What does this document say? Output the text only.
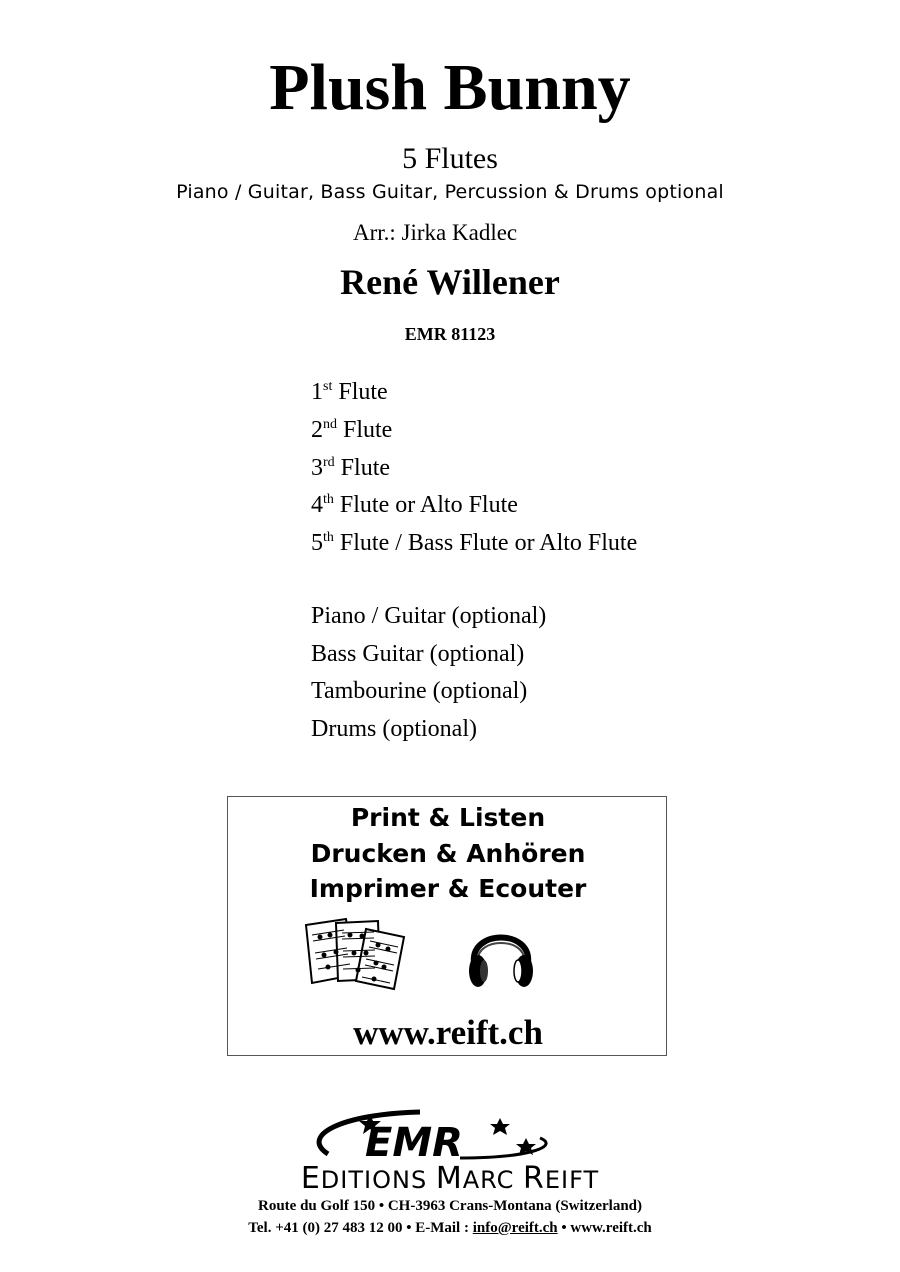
Plush Bunny
5 Flutes
Piano / Guitar, Bass Guitar, Percussion & Drums optional
Arr.: Jirka Kadlec
René Willener
EMR 81123
1st Flute
2nd Flute
3rd Flute
4th Flute or Alto Flute
5th Flute / Bass Flute or Alto Flute
Piano / Guitar (optional)
Bass Guitar (optional)
Tambourine (optional)
Drums (optional)
Print & Listen
Drucken & Anhören
Imprimer & Ecouter
www.reift.ch
EMR
EDITIONS MARC REIFT
Route du Golf 150 • CH-3963 Crans-Montana (Switzerland)
Tel. +41 (0) 27 483 12 00 • E-Mail : info@reift.ch • www.reift.ch
